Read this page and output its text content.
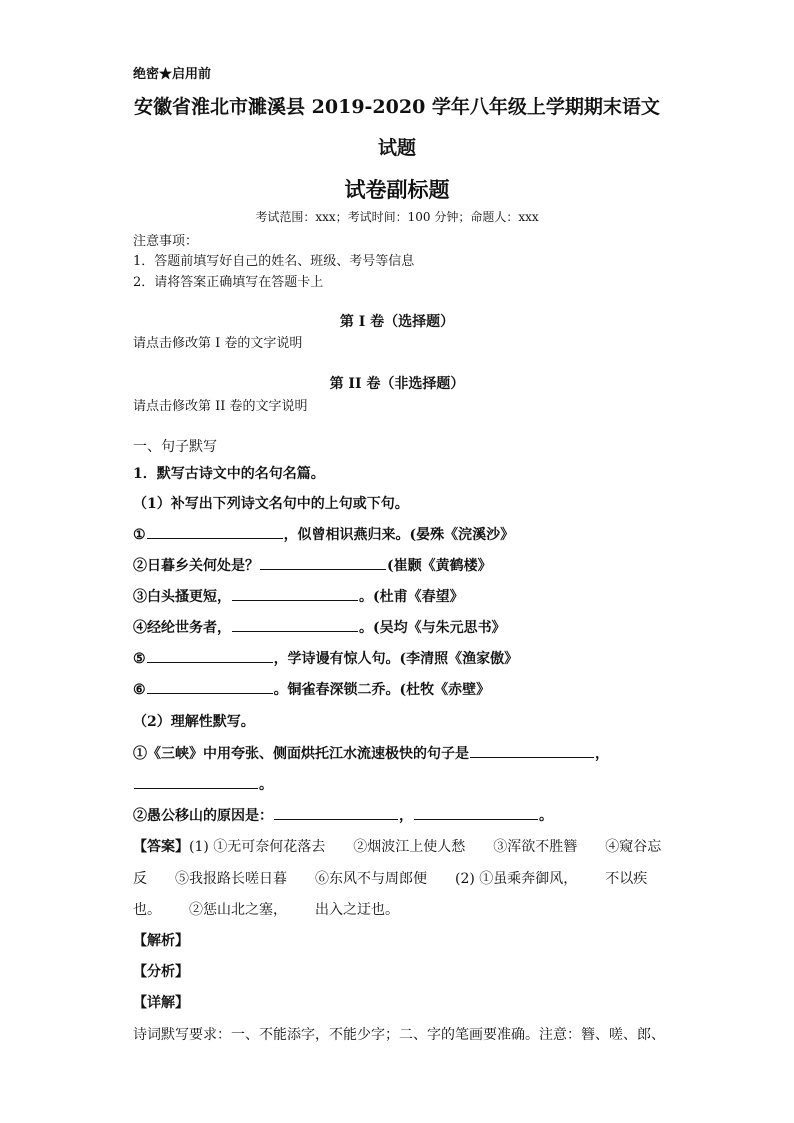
绝密★启用前
安徽省淮北市濉溪县 2019-2020 学年八年级上学期期末语文
试题
试卷副标题
考试范围：xxx；考试时间：100 分钟；命题人：xxx
注意事项：
1．答题前填写好自己的姓名、班级、考号等信息
2．请将答案正确填写在答题卡上
第 I 卷（选择题）
请点击修改第 I 卷的文字说明
第 II 卷（非选择题）
请点击修改第 II 卷的文字说明
一、句子默写
1．默写古诗文中的名句名篇。
（1）补写出下列诗文名句中的上句或下句。
①	，似曾相识燕归来。(晏殊《浣溪沙》
②日暮乡关何处是？	(崔颢《黄鹤楼》
③白头搔更短，	。(杜甫《春望》
④经纶世务者，	。(吴均《与朱元思书》
⑤	，学诗谩有惊人句。(李清照《渔家傲》
⑥	。铜雀春深锁二乔。(杜牧《赤壁》
（2）理解性默写。
①《三峡》中用夸张、侧面烘托江水流速极快的句子是	，
。
②愚公移山的原因是：	，	。
【答案】(1) ①无可奈何花落去 ②烟波江上使人愁 ③浑欲不胜簪 ④窥谷忘
反 ⑤我报路长嗟日暮 ⑥东风不与周郎便 (2) ①虽乘奔御风， 不以疾
也。 ②惩山北之塞， 出入之迂也。
【解析】
【分析】
【详解】
诗词默写要求：一、不能添字，不能少字；二、字的笔画要准确。注意：簪、嗟、郎、
